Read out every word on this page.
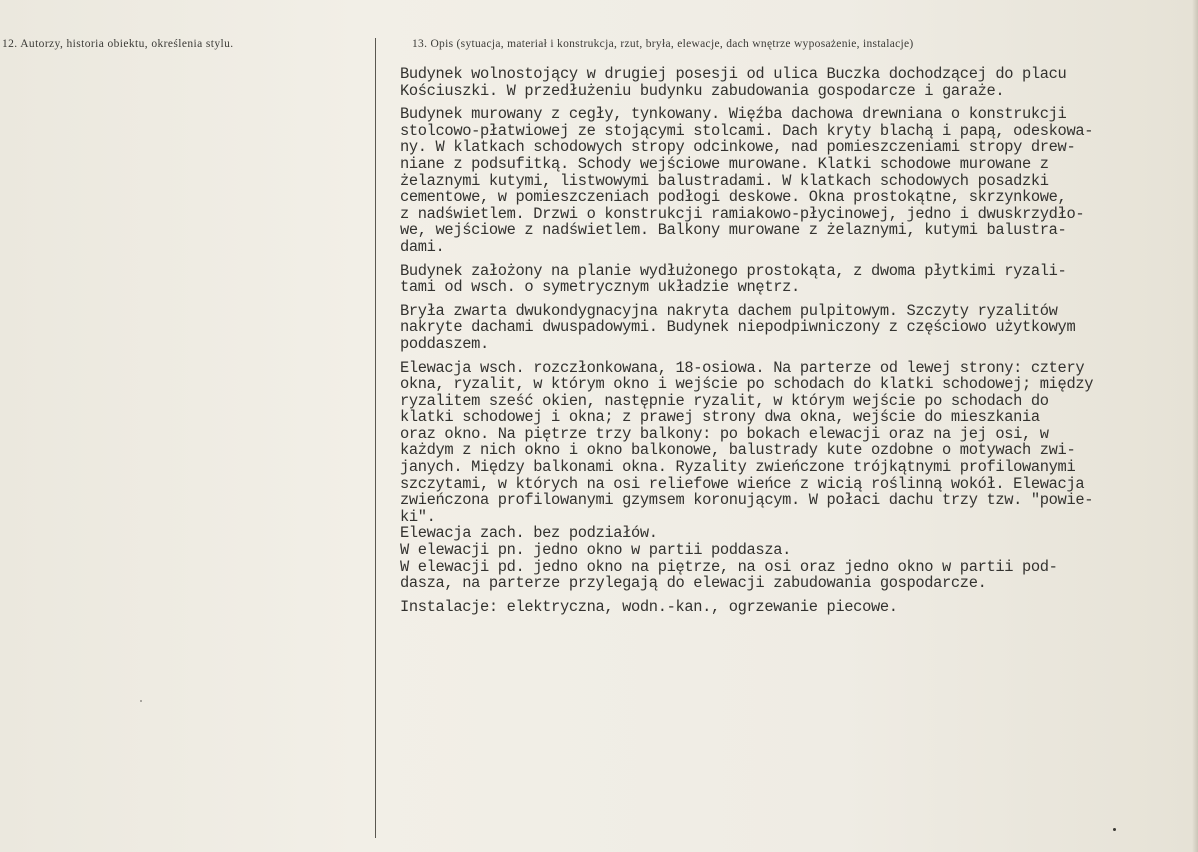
12. Autorzy, historia obiektu, określenia stylu.	13. Opis (sytuacja, materiał i konstrukcja, rzut, bryła, elewacje, dach wnętrze wyposażenie, instalacje)
Budynek wolnostojący w drugiej posesji od ulica Buczka dochodzącej do placu
Kościuszki. W przedłużeniu budynku zabudowania gospodarcze i garaże.
Budynek murowany z cegły, tynkowany. Więźba dachowa drewniana o konstrukcji
stolcowo-płatwiowej ze stojącymi stolcami. Dach kryty blachą i papą, odeskowa-
ny. W klatkach schodowych stropy odcinkowe, nad pomieszczeniami stropy drew-
niane z podsufitką. Schody wejściowe murowane. Klatki schodowe murowane z
żelaznymi kutymi, listwowymi balustradami. W klatkach schodowych posadzki
cementowe, w pomieszczeniach podłogi deskowe. Okna prostokątne, skrzynkowe,
z nadświetlem. Drzwi o konstrukcji ramiakowo-płycinowej, jedno i dwuskrzydło-
we, wejściowe z nadświetlem. Balkony murowane z żelaznymi, kutymi balustra-
dami.
Budynek założony na planie wydłużonego prostokąta, z dwoma płytkimi ryzali-
tami od wsch. o symetrycznym układzie wnętrz.
Bryła zwarta dwukondygnacyjna nakryta dachem pulpitowym. Szczyty ryzalitów
nakryte dachami dwuspadowymi. Budynek niepodpiwniczony z częściowo użytkowym
poddaszem.
Elewacja wsch. rozczłonkowana, 18-osiowa. Na parterze od lewej strony: cztery
okna, ryzalit, w którym okno i wejście po schodach do klatki schodowej; między
ryzalitem sześć okien, następnie ryzalit, w którym wejście po schodach do
klatki schodowej i okna; z prawej strony dwa okna, wejście do mieszkania
oraz okno. Na piętrze trzy balkony: po bokach elewacji oraz na jej osi, w
każdym z nich okno i okno balkonowe, balustrady kute ozdobne o motywach zwi-
janych. Między balkonami okna. Ryzality zwieńczone trójkątnymi profilowanymi
szczytami, w których na osi reliefowe wieńce z wicią roślinną wokół. Elewacja
zwieńczona profilowanymi gzymsem koronującym. W połaci dachu trzy tzw. "powie-
ki".
Elewacja zach. bez podziałów.
W elewacji pn. jedno okno w partii poddasza.
W elewacji pd. jedno okno na piętrze, na osi oraz jedno okno w partii pod-
dasza, na parterze przylegają do elewacji zabudowania gospodarcze.
Instalacje: elektryczna, wodn.-kan., ogrzewanie piecowe.
